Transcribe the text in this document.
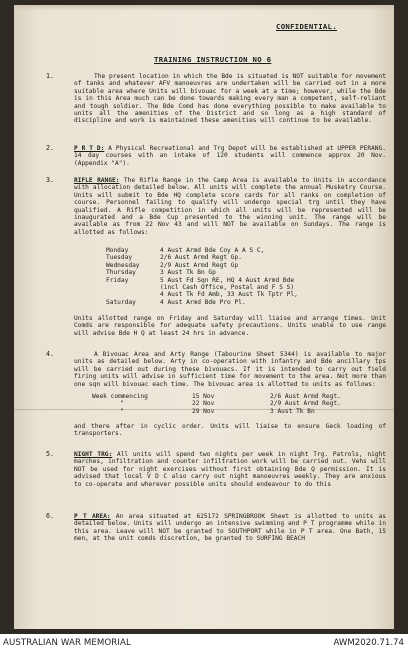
CONFIDENTIAL.
TRAINING INSTRUCTION NO 6
1.	The present location in which the Bde is situated is NOT suitable for movement of tanks and whatever AFV manoeuvres are undertaken will be carried out in a more suitable area where Units will bivouac for a week at a time; however, while the Bde is in this Area much can be done towards making every man a competent, self-reliant and tough soldier. The Bde Comd has done everything possible to make available to units all the amenities of the District and so long as a high standard of discipline and work is maintained these amenities will continue to be available.
2.	P R T D: A Physical Recreational and Trg Depot will be established at UPPER PERANG. 14 day courses with an intake of 120 students will commence approx 20 Nov. (Appendix "A").
3.	RIFLE RANGE: The Rifle Range in the Camp Area is available to Units in accordance with allocation detailed below. All units will complete the annual Musketry Course. Units will submit to Bde HQ complete score cards for all ranks on completion of course. Personnel failing to qualify will undergo special trg until they have qualified. A Rifle competition in which all units will be represented will be inaugurated and a Bde Cup presented to the winning unit. The range will be available as from 22 Nov 43 and will NOT be available on Sundays. The range is allotted as follows:
Monday	4 Aust Armd Bde Coy A A S C,
Tuesday	2/6 Aust Armd Regt Gp.
Wednesday	2/9 Aust Armd Regt Gp
Thursday	3 Aust Tk Bn Gp
Friday	5 Aust Fd Sqn RE, HQ 4 Aust Armd Bde
(incl Cash Office, Postal and F S S)
4 Aust Tk Fd Amb, 33 Aust Tk Tptr Pl,
Saturday	4 Aust Armd Bde Pro Pl.
Units allotted range on Friday and Saturday will liaise and arrange times. Unit Comds are responsible for adequate safety precautions. Units unable to use range will advise Bde H Q at least 24 hrs in advance.
4.	A Bivouac Area and Arty Range (Tabourine Sheet 5344) is available to major units as detailed below. Arty in co-operation with infantry and Bde ancillary tps will be carried out during these bivouacs. If it is intended to carry out field firing units will advise in sufficient time for movement to the area. Not more than one sqn will bivouac each time. The bivouac area is allotted to units as follows:
Week commencing	15 Nov	2/6 Aust Armd Regt.
"	22 Nov	2/9 Aust Armd Regt.
"	29 Nov	3 Aust Tk Bn
and there after in cyclic order. Units will liaise to ensure Geck loading of transporters.
5.	NIGHT TRG: All units will spend two nights per week in night Trg. Patrols, night marches, infiltration and counter infiltration work will be carried out. Vehs will NOT be used for night exercises without first obtaining Bde Q permission. It is advised that local V D C also carry out night manoeuvres weekly. They are anxious to co-operate and wherever possible units should endeavour to do this
6.	P T AREA: An area situated at 625172 SPRINGBROOK Sheet is allotted to units as detailed below. Units will undergo an intensive swimming and P T programme while in this area. Leave will NOT be granted to SOUTHPORT while in P T area. One Bath, 15 men, at the unit comds discretion, be granted to SURFING BEACH
AUSTRALIAN WAR MEMORIAL	AWM2020.71.74
